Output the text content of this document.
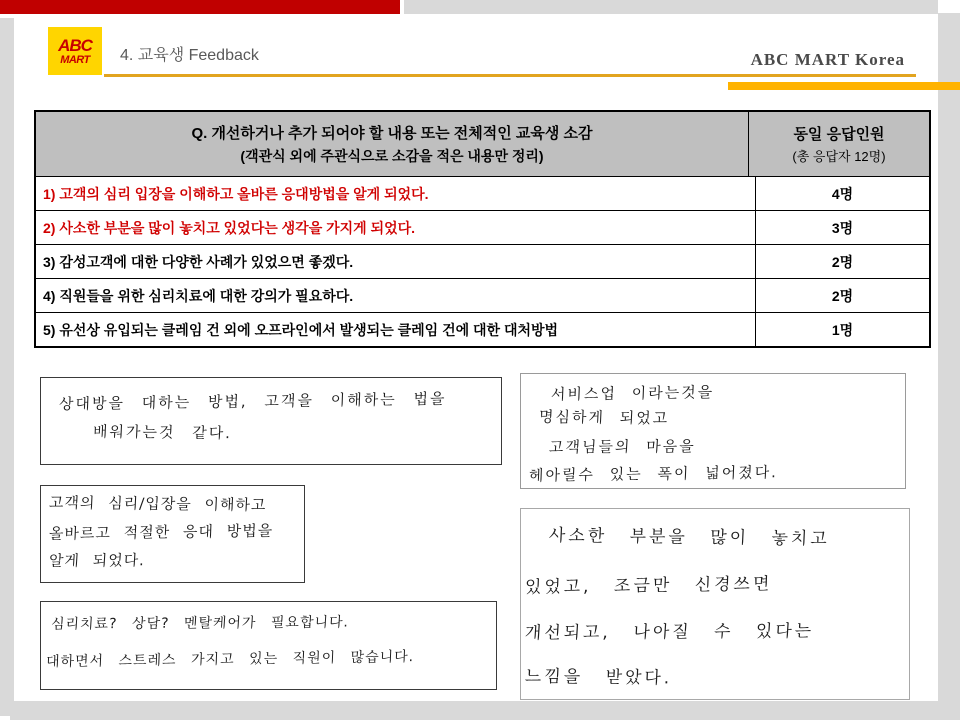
ABC
MART 4. 교육생 Feedback	ABC MART Korea
Q. 개선하거나 추가 되어야 할 내용 또는 전체적인 교육생 소감
(객관식 외에 주관식으로 소감을 적은 내용만 정리)
동일 응답인원
(총 응답자 12명)
1) 고객의 심리 입장을 이해하고 올바른 응대방법을 알게 되었다.	4명
2) 사소한 부분을 많이 놓치고 있었다는 생각을 가지게 되었다.	3명
3) 감성고객에 대한 다양한 사례가 있었으면 좋겠다.	2명
4) 직원들을 위한 심리치료에 대한 강의가 필요하다.	2명
5) 유선상 유입되는 클레임 건 외에 오프라인에서 발생되는 클레임 건에 대한 대처방법	1명
상대방을 대하는 방법, 고객을 이해하는 법을
배워가는것 같다.
고객의 심리/입장을 이해하고
올바르고 적절한 응대 방법을
알게 되었다.
심리치료? 상담? 멘탈케어가 필요합니다.
대하면서 스트레스 가지고 있는 직원이 많습니다.
서비스업 이라는것을
명심하게 되었고
고객님들의 마음을
헤아릴수 있는 폭이 넓어졌다.
사소한 부분을 많이 놓치고
있었고, 조금만 신경쓰면
개선되고, 나아질 수 있다는
느낌을 받았다.
